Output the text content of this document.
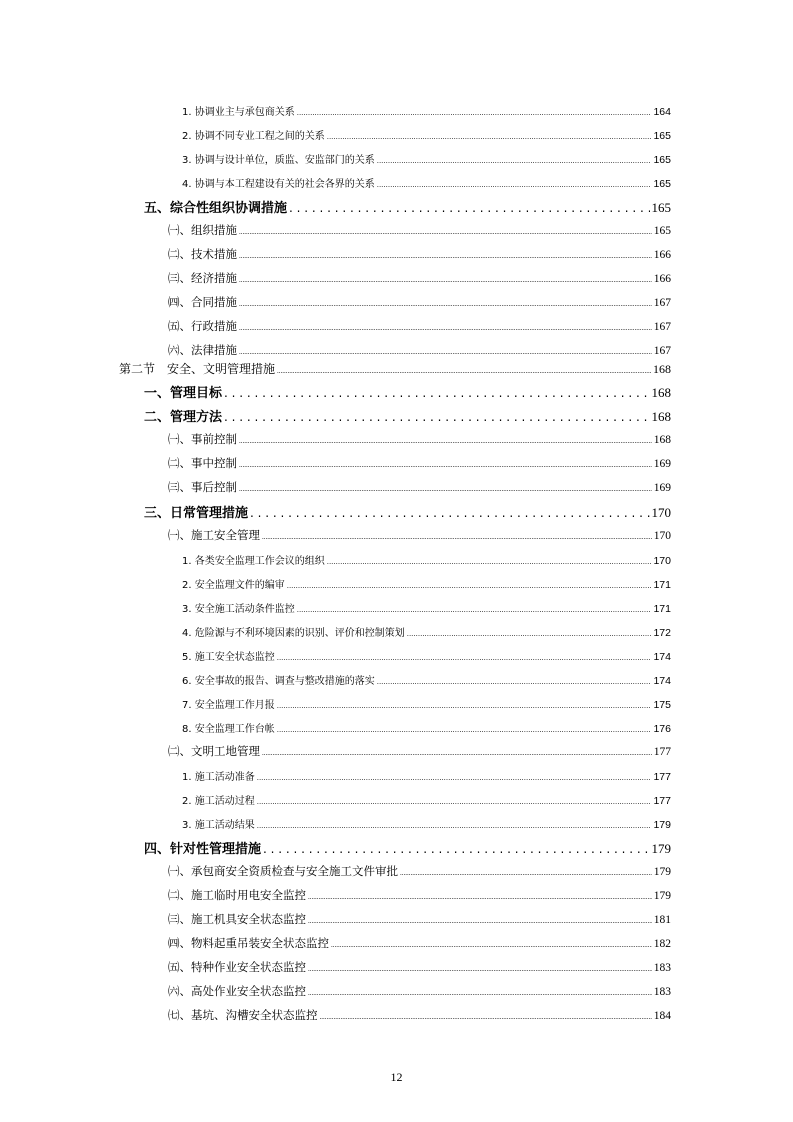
1. 协调业主与承包商关系 .....	164
2. 协调不同专业工程之间的关系 .....	165
3. 协调与设计单位，质监、安监部门的关系 .....	165
4. 协调与本工程建设有关的社会各界的关系 .....	165
五、综合性组织协调措施 . . .	165
㈠、组织措施 .....	165
㈡、技术措施 .....	166
㈢、经济措施 .....	166
㈣、合同措施 .....	167
㈤、行政措施 .....	167
㈥、法律措施 .....	167
第二节　安全、文明管理措施 .....	168
一、管理目标 . . .	168
二、管理方法 . . .	168
㈠、事前控制 .....	168
㈡、事中控制 .....	169
㈢、事后控制 .....	169
三、日常管理措施 . . .	170
㈠、施工安全管理 .....	170
1. 各类安全监理工作会议的组织 .....	170
2. 安全监理文件的编审 .....	171
3. 安全施工活动条件监控 .....	171
4. 危险源与不利环境因素的识别、评价和控制策划 .....	172
5. 施工安全状态监控 .....	174
6. 安全事故的报告、调查与整改措施的落实 .....	174
7. 安全监理工作月报 .....	175
8. 安全监理工作台帐 .....	176
㈡、文明工地管理 .....	177
1. 施工活动准备 .....	177
2. 施工活动过程 .....	177
3. 施工活动结果 .....	179
四、针对性管理措施 . . .	179
㈠、承包商安全资质检查与安全施工文件审批 .....	179
㈡、施工临时用电安全监控 .....	179
㈢、施工机具安全状态监控 .....	181
㈣、物料起重吊装安全状态监控 .....	182
㈤、特种作业安全状态监控 .....	183
㈥、高处作业安全状态监控 .....	183
㈦、基坑、沟槽安全状态监控 .....	184
12
